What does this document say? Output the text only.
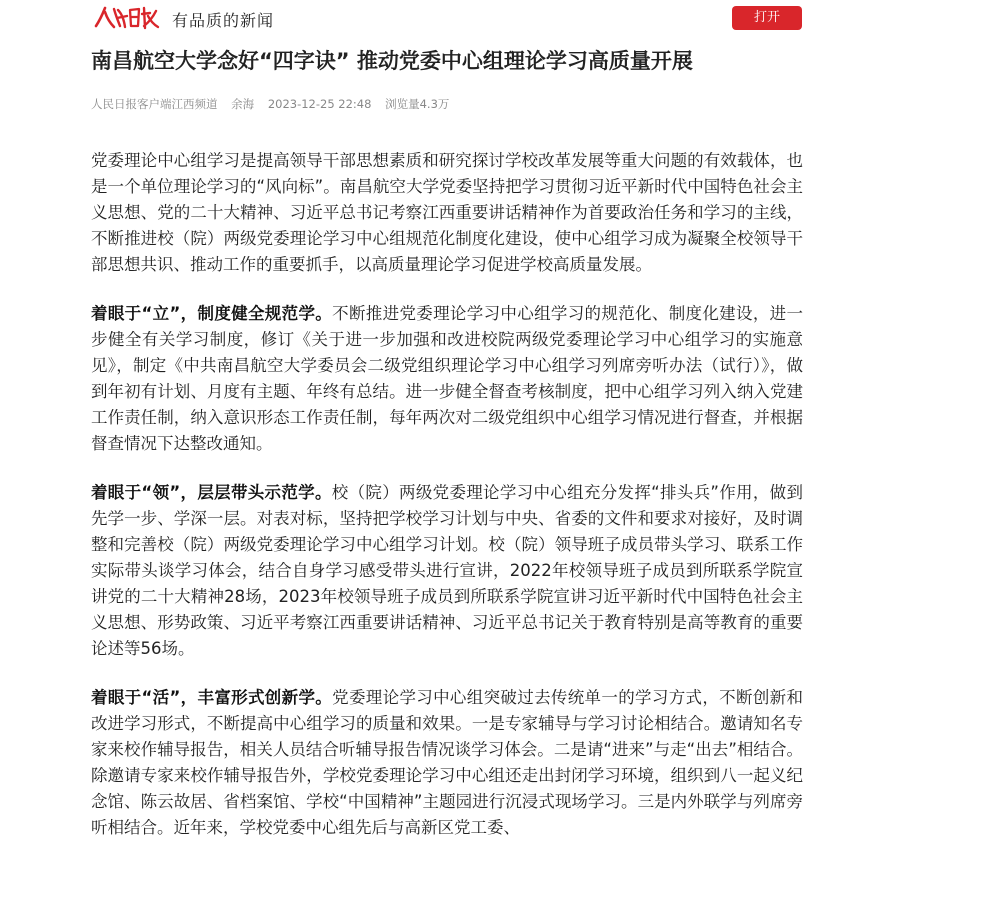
有品质的新闻	打开
南昌航空大学念好“四字诀” 推动党委中心组理论学习高质量开展
人民日报客户端江西频道 余海 2023-12-25 22:48 浏览量4.3万

党委理论中心组学习是提高领导干部思想素质和研究探讨学校改革发展等重大问题的有效载体，也是一个单位理论学习的“风向标”。南昌航空大学党委坚持把学习贯彻习近平新时代中国特色社会主义思想、党的二十大精神、习近平总书记考察江西重要讲话精神作为首要政治任务和学习的主线，不断推进校（院）两级党委理论学习中心组规范化制度化建设，使中心组学习成为凝聚全校领导干部思想共识、推动工作的重要抓手，以高质量理论学习促进学校高质量发展。

着眼于“立”，制度健全规范学。不断推进党委理论学习中心组学习的规范化、制度化建设，进一步健全有关学习制度，修订《关于进一步加强和改进校院两级党委理论学习中心组学习的实施意见》，制定《中共南昌航空大学委员会二级党组织理论学习中心组学习列席旁听办法（试行）》，做到年初有计划、月度有主题、年终有总结。进一步健全督查考核制度，把中心组学习列入纳入党建工作责任制，纳入意识形态工作责任制，每年两次对二级党组织中心组学习情况进行督查，并根据督查情况下达整改通知。

着眼于“领”，层层带头示范学。校（院）两级党委理论学习中心组充分发挥“排头兵”作用，做到先学一步、学深一层。对表对标，坚持把学校学习计划与中央、省委的文件和要求对接好，及时调整和完善校（院）两级党委理论学习中心组学习计划。校（院）领导班子成员带头学习、联系工作实际带头谈学习体会，结合自身学习感受带头进行宣讲，2022年校领导班子成员到所联系学院宣讲党的二十大精神28场，2023年校领导班子成员到所联系学院宣讲习近平新时代中国特色社会主义思想、形势政策、习近平考察江西重要讲话精神、习近平总书记关于教育特别是高等教育的重要论述等56场。

着眼于“活”，丰富形式创新学。党委理论学习中心组突破过去传统单一的学习方式，不断创新和改进学习形式，不断提高中心组学习的质量和效果。一是专家辅导与学习讨论相结合。邀请知名专家来校作辅导报告，相关人员结合听辅导报告情况谈学习体会。二是请“进来”与走“出去”相结合。除邀请专家来校作辅导报告外，学校党委理论学习中心组还走出封闭学习环境，组织到八一起义纪念馆、陈云故居、省档案馆、学校“中国精神”主题园进行沉浸式现场学习。三是内外联学与列席旁听相结合。近年来，学校党委中心组先后与高新区党工委、
